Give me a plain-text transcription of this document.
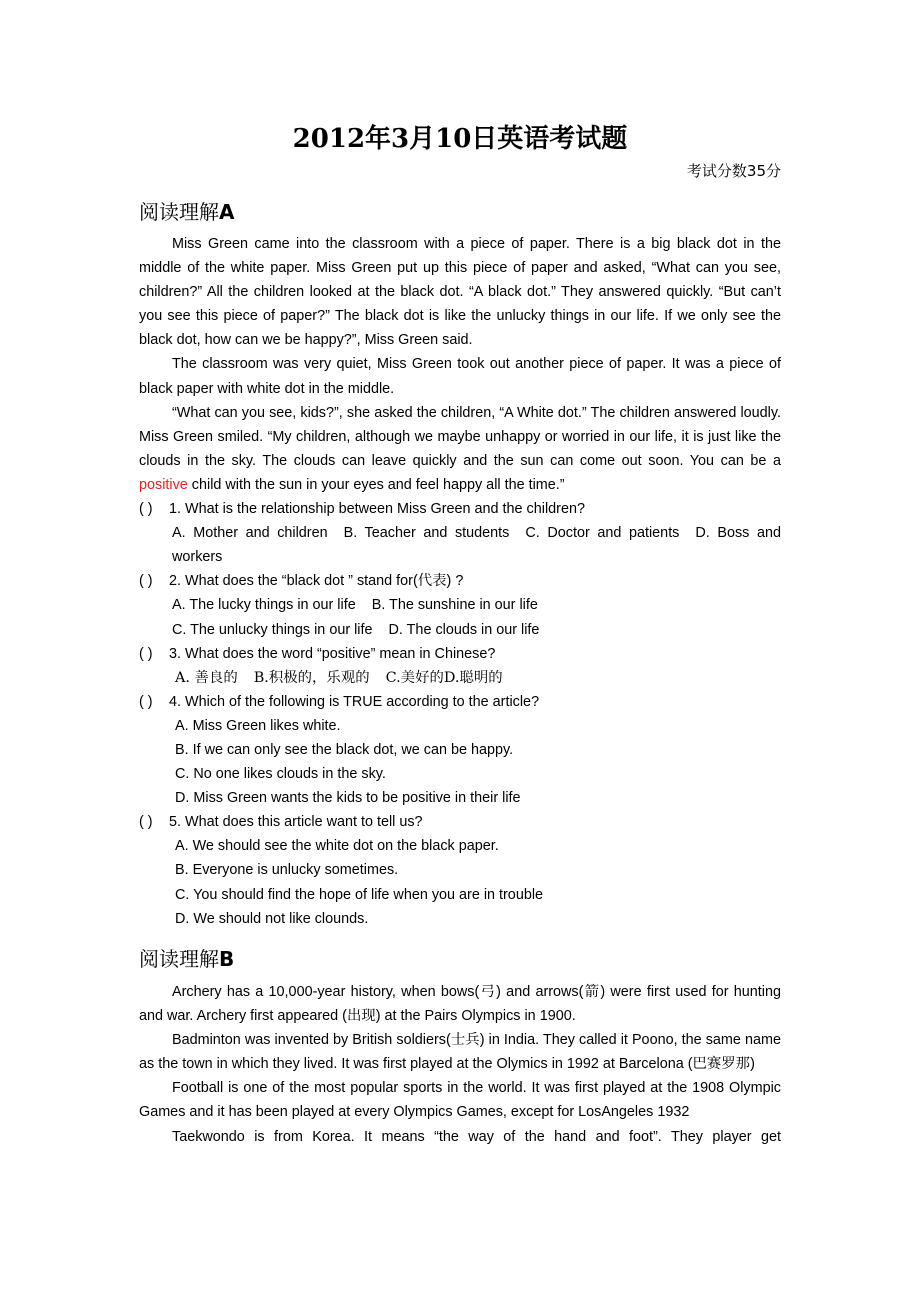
2012年3月10日英语考试题
考试分数35分
阅读理解A

Miss Green came into the classroom with a piece of paper. There is a big black dot in the middle of the white paper. Miss Green put up this piece of paper and asked, “What can you see, children?” All the children looked at the black dot. “A black dot.” They answered quickly. “But can’t you see this piece of paper?” The black dot is like the unlucky things in our life. If we only see the black dot, how can we be happy?”, Miss Green said.

The classroom was very quiet, Miss Green took out another piece of paper. It was a piece of black paper with white dot in the middle.

“What can you see, kids?”, she asked the children, “A White dot.” The children answered loudly. Miss Green smiled. “My children, although we maybe unhappy or worried in our life, it is just like the clouds in the sky. The clouds can leave quickly and the sun can come out soon. You can be a positive child with the sun in your eyes and feel happy all the time.”

( ) 1. What is the relationship between Miss Green and the children?

A. Mother and children B. Teacher and students C. Doctor and patients D. Boss and workers

( ) 2. What does the “black dot ” stand for(代表) ?

A. The lucky things in our life B. The sunshine in our life

C. The unlucky things in our life D. The clouds in our life

( ) 3. What does the word “positive” mean in Chinese?

A. 善良的 B.积极的，乐观的 C.美好的D.聪明的

( ) 4. Which of the following is TRUE according to the article?

A. Miss Green likes white.

B. If we can only see the black dot, we can be happy.

C. No one likes clouds in the sky.

D. Miss Green wants the kids to be positive in their life

( ) 5. What does this article want to tell us?

A. We should see the white dot on the black paper.

B. Everyone is unlucky sometimes.

C. You should find the hope of life when you are in trouble

D. We should not like clounds.

阅读理解B

Archery has a 10,000-year history, when bows(弓) and arrows(箭) were first used for hunting and war. Archery first appeared (出现) at the Pairs Olympics in 1900.

Badminton was invented by British soldiers(士兵) in India. They called it Poono, the same name as the town in which they lived. It was first played at the Olymics in 1992 at Barcelona (巴赛罗那)

Football is one of the most popular sports in the world. It was first played at the 1908 Olympic Games and it has been played at every Olympics Games, except for LosAngeles 1932

Taekwondo is from Korea. It means “the way of the hand and foot”. They player get
